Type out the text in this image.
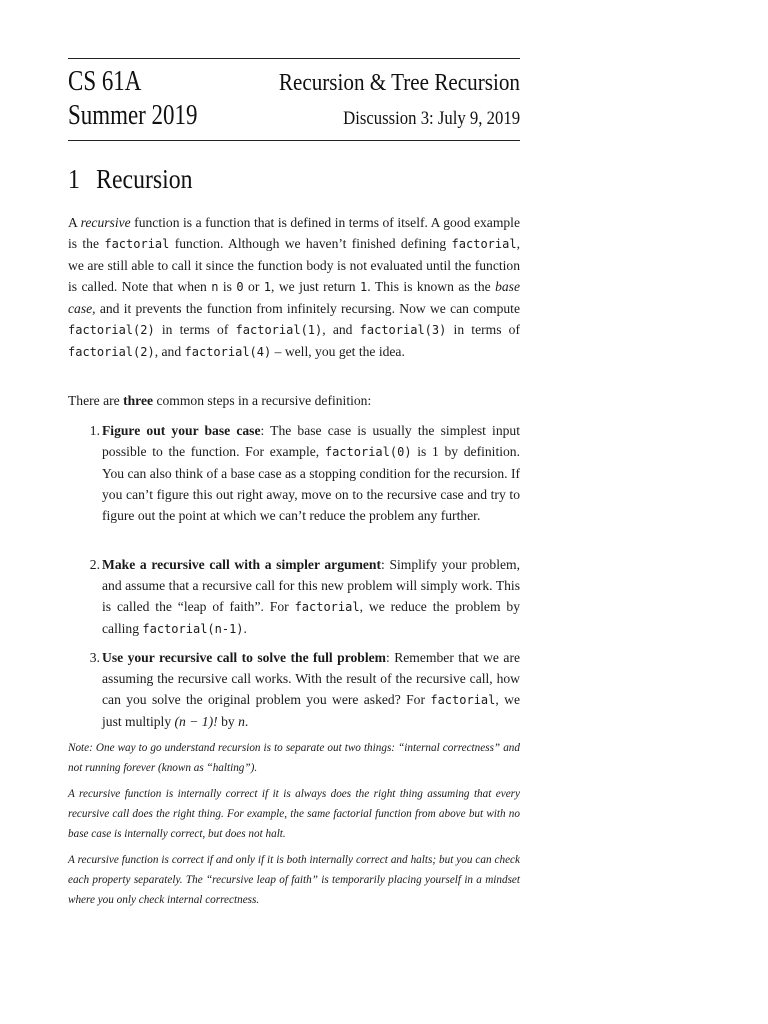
CS 61A
Summer 2019
Recursion & Tree Recursion
Discussion 3: July 9, 2019
1 Recursion
A recursive function is a function that is defined in terms of itself. A good example is the factorial function. Although we haven’t finished defining factorial, we are still able to call it since the function body is not evaluated until the function is called. Note that when n is 0 or 1, we just return 1. This is known as the base case, and it prevents the function from infinitely recursing. Now we can compute factorial(2) in terms of factorial(1), and factorial(3) in terms of factorial(2), and factorial(4) – well, you get the idea.
There are three common steps in a recursive definition:
1. Figure out your base case: The base case is usually the simplest input possible to the function. For example, factorial(0) is 1 by definition. You can also think of a base case as a stopping condition for the recursion. If you can’t figure this out right away, move on to the recursive case and try to figure out the point at which we can’t reduce the problem any further.
2. Make a recursive call with a simpler argument: Simplify your problem, and assume that a recursive call for this new problem will simply work. This is called the “leap of faith”. For factorial, we reduce the problem by calling factorial(n-1).
3. Use your recursive call to solve the full problem: Remember that we are assuming the recursive call works. With the result of the recursive call, how can you solve the original problem you were asked? For factorial, we just multiply (n − 1)! by n.
Note: One way to go understand recursion is to separate out two things: “internal correctness” and not running forever (known as “halting”).
A recursive function is internally correct if it is always does the right thing assuming that every recursive call does the right thing. For example, the same factorial function from above but with no base case is internally correct, but does not halt.
A recursive function is correct if and only if it is both internally correct and halts; but you can check each property separately. The “recursive leap of faith” is temporarily placing yourself in a mindset where you only check internal correctness.
